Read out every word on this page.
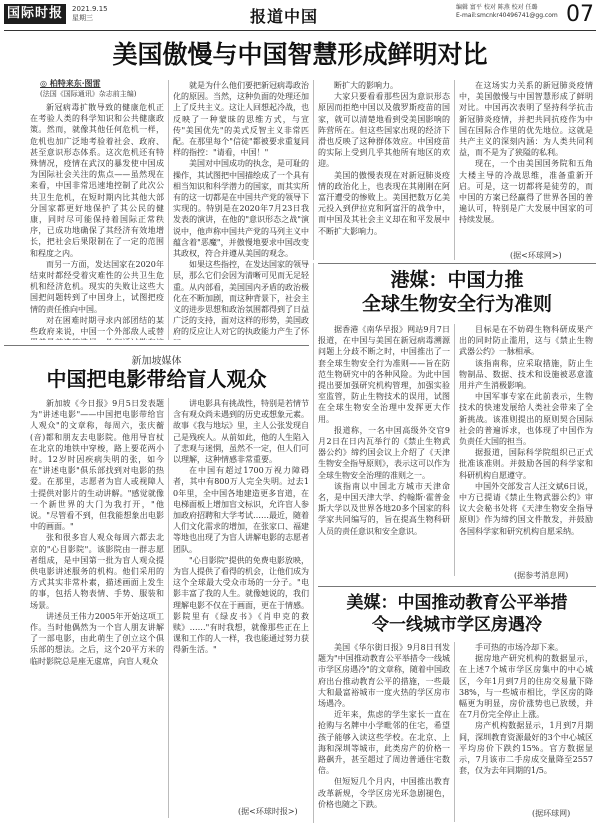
国际时报	2021.9.15
星期三	报道中国	编辑 富平 校对 陈燕 校对 任璐
E-mail:smcnkr40496741@gg.com 07
美国傲慢与中国智慧形成鲜明对比
◎ 柏特来东·图雷
(法国《国际通讯》杂志前主编)

新冠病毒扩散导致的健康危机正在考验人类的科学知识和公共健康政策。然而，就像其他任何危机一样，危机也加广泛地考验着社会、政府、甚至意识形态体系。这次危机还有特殊情况，疫情在武汉的暴发使中国成为国际社会关注的焦点——虽然现在来看，中国非常迅速地控制了此次公共卫生危机，在短时期内比其他大部分国家都更好地保护了其公民的健康，同时尽可能保持着国际正常秩序，已成功地确保了其经济有效地增长，把社会后果限制在了一定的范围和程度之内。

而另一方面，发达国家在2020年结束时都经受着灾难性的公共卫生危机和经济危机。现实的失败让这些大国把问题转到了中国身上，试图把疫情的责任推向中国。

对在困难时期寻求内部团结的某些政府来说，中国一个外部敌人或替

就是为什么他们要把新冠病毒政治化的原因。当然，这种负面的处理还加上了反共主义。这让人回想起冷战，也反映了一种蒙昧的思维方式，与宣传"美国优先"的美式反智主义非常匹配。在那里每个"信徒"都被要求重复同样的指控："请看，中国！"

美国对中国成功的执念，是可耻的操作，其试图把中国描绘成了一个具有相当知识和科学潜力的国家，而其实所有的这一切都是在中国共产党的领导下实现的。特别是在2020年7月23日我发表的演讲，在他的"意识形态之战"演说中，他声称中国共产党的马列主义中蕴含着"恶魔"，并傲慢地要求中国改变其政权，符合并遵从美国的观念。

如果这些指控，在发达国家的领导层，那么它们会因为清晰可见而无足轻重。从内部看，美国国内矛盾的政治极化在不断加剧，而这种背景下，社会主义的进步思想和政治氛围都得到了日益广泛的支持，面对这样的形势，美国政府的反应让人对它的执政能力产生了怀

断扩大的影响力。

大家只要看看那些因为意识形态原因而拒绝中国以及俄罗斯疫苗的国家，就可以清楚地看到受美国影响的阵营所在。但这些国家出现的经济下滑也反映了这种群体效应。中国疫苗的实际上受到几乎其他所有地区的欢迎。

美国的傲慢表现在对新冠肺炎疫情的政治化上，也表现在其刚刚在阿富汗遭受的惨败上。美国把数万亿美元投入到伊拉克和阿富汗的战争中，而中国及其社会主义却在和平发展中不断扩大影响力。

在这场实力关系的新冠肺炎疫情中，美国傲慢与中国智慧形成了鲜明对比。中国再次表明了坚持科学抗击新冠肺炎疫情，并把共同抗疫作为中国在国际合作里的优先地位。这就是共产主义的深刻内涵：为人类共同利益，而不是为了狭隘的私利。

现在，一个由美国国务院和五角大楼主导的冷战思维，准备重新开启。可是，这一切都将是徒劳的，而中国的方案已经赢得了世界各国的普遍认可，特别是广大发展中国家的可持续发展。

(据<环球网>)
港媒：中国力推
全球生物安全行为准则

据香港《南华早报》网站9月7日报道，在中国与美国在新冠病毒溯源问题上分歧不断之时，中国推出了一套全球生物安全行为准则——旨在防范生物研究中的各种风险。为此中国提出要加强研究机构管理，加强实验室监管，防止生物技术的误用，试图在全球生物安全治理中发挥更大作用。

报道称，一名中国高级外交官9月2日在日内瓦举行的《禁止生物武器公约》缔约国会议上介绍了《天津生物安全指导原则》，表示这可以作为全球生物安全治理的准则之一。

该指南以中国北方城市天津命名，是中国天津大学、约翰斯·霍普金斯大学以及世界各地20多个国家的科学家共同编写的，旨在提高生物科研人员的责任意识和安全意识。

目标是在不妨碍生物科研成果产出的同时防止滥用，这与《禁止生物武器公约》一脉相承。

该指南称，应采取措施，防止生物制品、数据、技术和设施被恶意滥用并产生消极影响。

中国军事专家在此前表示，生物技术的快速发展给人类社会带来了全新挑战。该准则提出的原则契合国际社会的普遍诉求，也体现了中国作为负责任大国的担当。

据报道，国际科学院组织已正式批准该准则。并鼓励各国的科学家和科研机构自愿遵守。

中国外交部发言人汪文斌6日说，中方已提请《禁止生物武器公约》审议大会秘书处将《天津生物安全指导原则》作为缔约国文件散发，并鼓励各国科学家和研究机构自愿采纳。

(据参考消息网)
新加坡媒体
中国把电影带给盲人观众

新加坡《今日报》9月5日发表题为"讲述电影"——中国把电影带给盲人观众"的文章称，每周六，张庆蘅(音)都和朋友去电影院。他用导盲杖在北京的地铁中穿梭，路上要花两小时。12岁时因疾病失明的张，如今在"讲述电影"俱乐部找到对电影的热爱。在那里，志愿者为盲人或视障人士提供对影片的生动讲解。"感觉就像一个新世界的大门为我打开，"他说。"尽管看不到，但我能想象出电影中的画面。"

张和很多盲人观众每周六都去北京的"心目影院"。该影院由一群志愿者组成，是中国第一批为盲人观众提供电影讲述服务的机构。他们采用的方式其实非常朴素，描述画面上发生的事，包括人物表情、手势、服装和场景。

讲述员王伟力2005年开始这项工作。当时他偶然为一个盲人朋友讲解了一部电影，由此萌生了创立这个俱乐部的想法。之后，这个20平方米的临时影院总是座无虚席，向盲人观众

讲电影具有挑战性，特别是若情节含有观众尚未遇到的历史或想象元素。故事《我与地坛》里，主人公张发现自己是残疾人。从前如此，他的人生陷入了悲观与迷惘，虽然不一定，但人们可以理解，这种情感非常重要。

在中国有超过1700万视力障碍者，其中有800万人完全失明。过去10年里，全中国各地建造更多盲道，在电梯面板上增加盲文标识，允许盲人参加政府招聘和大学考试……最近，随着人们文化需求的增加，在张家口、福建等地也出现了为盲人讲解电影的志愿者团队。

"心目影院"提供的免费电影放映，为盲人提供了看得的机会，让他们成为这个全球最大受众市场的一分子。"电影丰富了我的人生。就像她说的，我们理解电影不仅在于画面，更在于情感。影院里有《绿皮书》《肖申克的救赎》……"有时我想，就像那些正在上课和工作的人一样，我也能通过努力获得新生活。"

(据<环球时报>)
美媒：中国推动教育公平举措
令一线城市学区房遇冷

美国《华尔街日报》9月8日刊发题为"中国推动教育公平举措令一线城市学区房遇冷"的文章称，随着中国政府出台推动教育公平的措施，一些最大和最富裕城市一度火热的学区房市场遇冷。

近年来，焦虑的学生家长一直在抢购与名牌中小学毗邻的住宅，希望孩子能够入读这些学校。在北京、上海和深圳等城市，此类房产的价格一路飙升，甚至超过了周边普通住宅数倍。

但短短几个月内，中国推出教育改革新规，令学区房光环急剧褪色，价格也随之下跌。

手可热的市场冷却下来。

据房地产研究机构的数据显示，在上述7个城市学区房集中的中心城区，今年1月到7月的住房交易量下降38%，与一些城市相比，学区房的降幅更为明显，房价涨势也已放缓，并在7月份完全停止上涨。

房产机构数据显示，1月到7月期间，深圳教育资源最好的3个中心城区平均房价下跌约15%。官方数据显示，7月该市二手房成交量降至2557套，仅为去年同期的1/5。

(据环球网)
